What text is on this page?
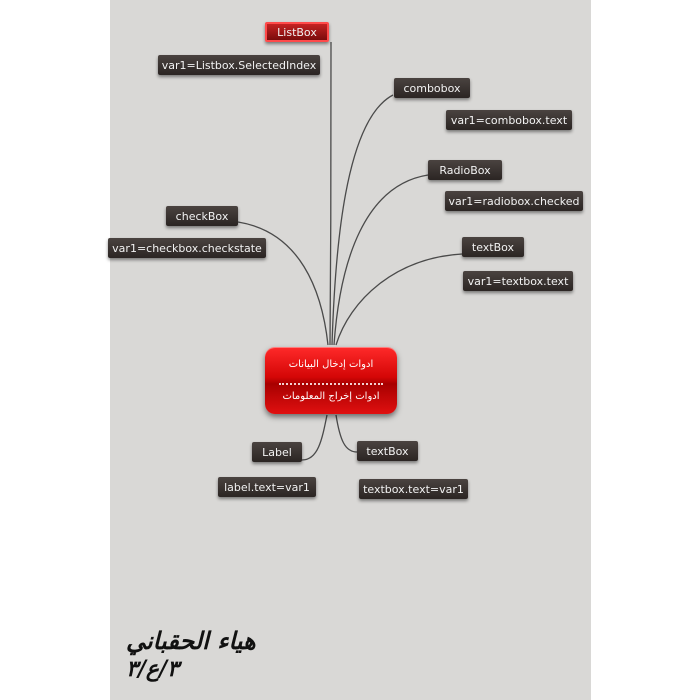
ListBox
var1=Listbox.SelectedIndex
combobox
var1=combobox.text
RadioBox
var1=radiobox.checked
checkBox
var1=checkbox.checkstate	textBox
var1=textbox.text
ادوات إدخال البيانات
ادوات إخراج المعلومات
Label
label.text=var1
textBox
textbox.text=var1
هياء الحقباني
٣/ع/٣
